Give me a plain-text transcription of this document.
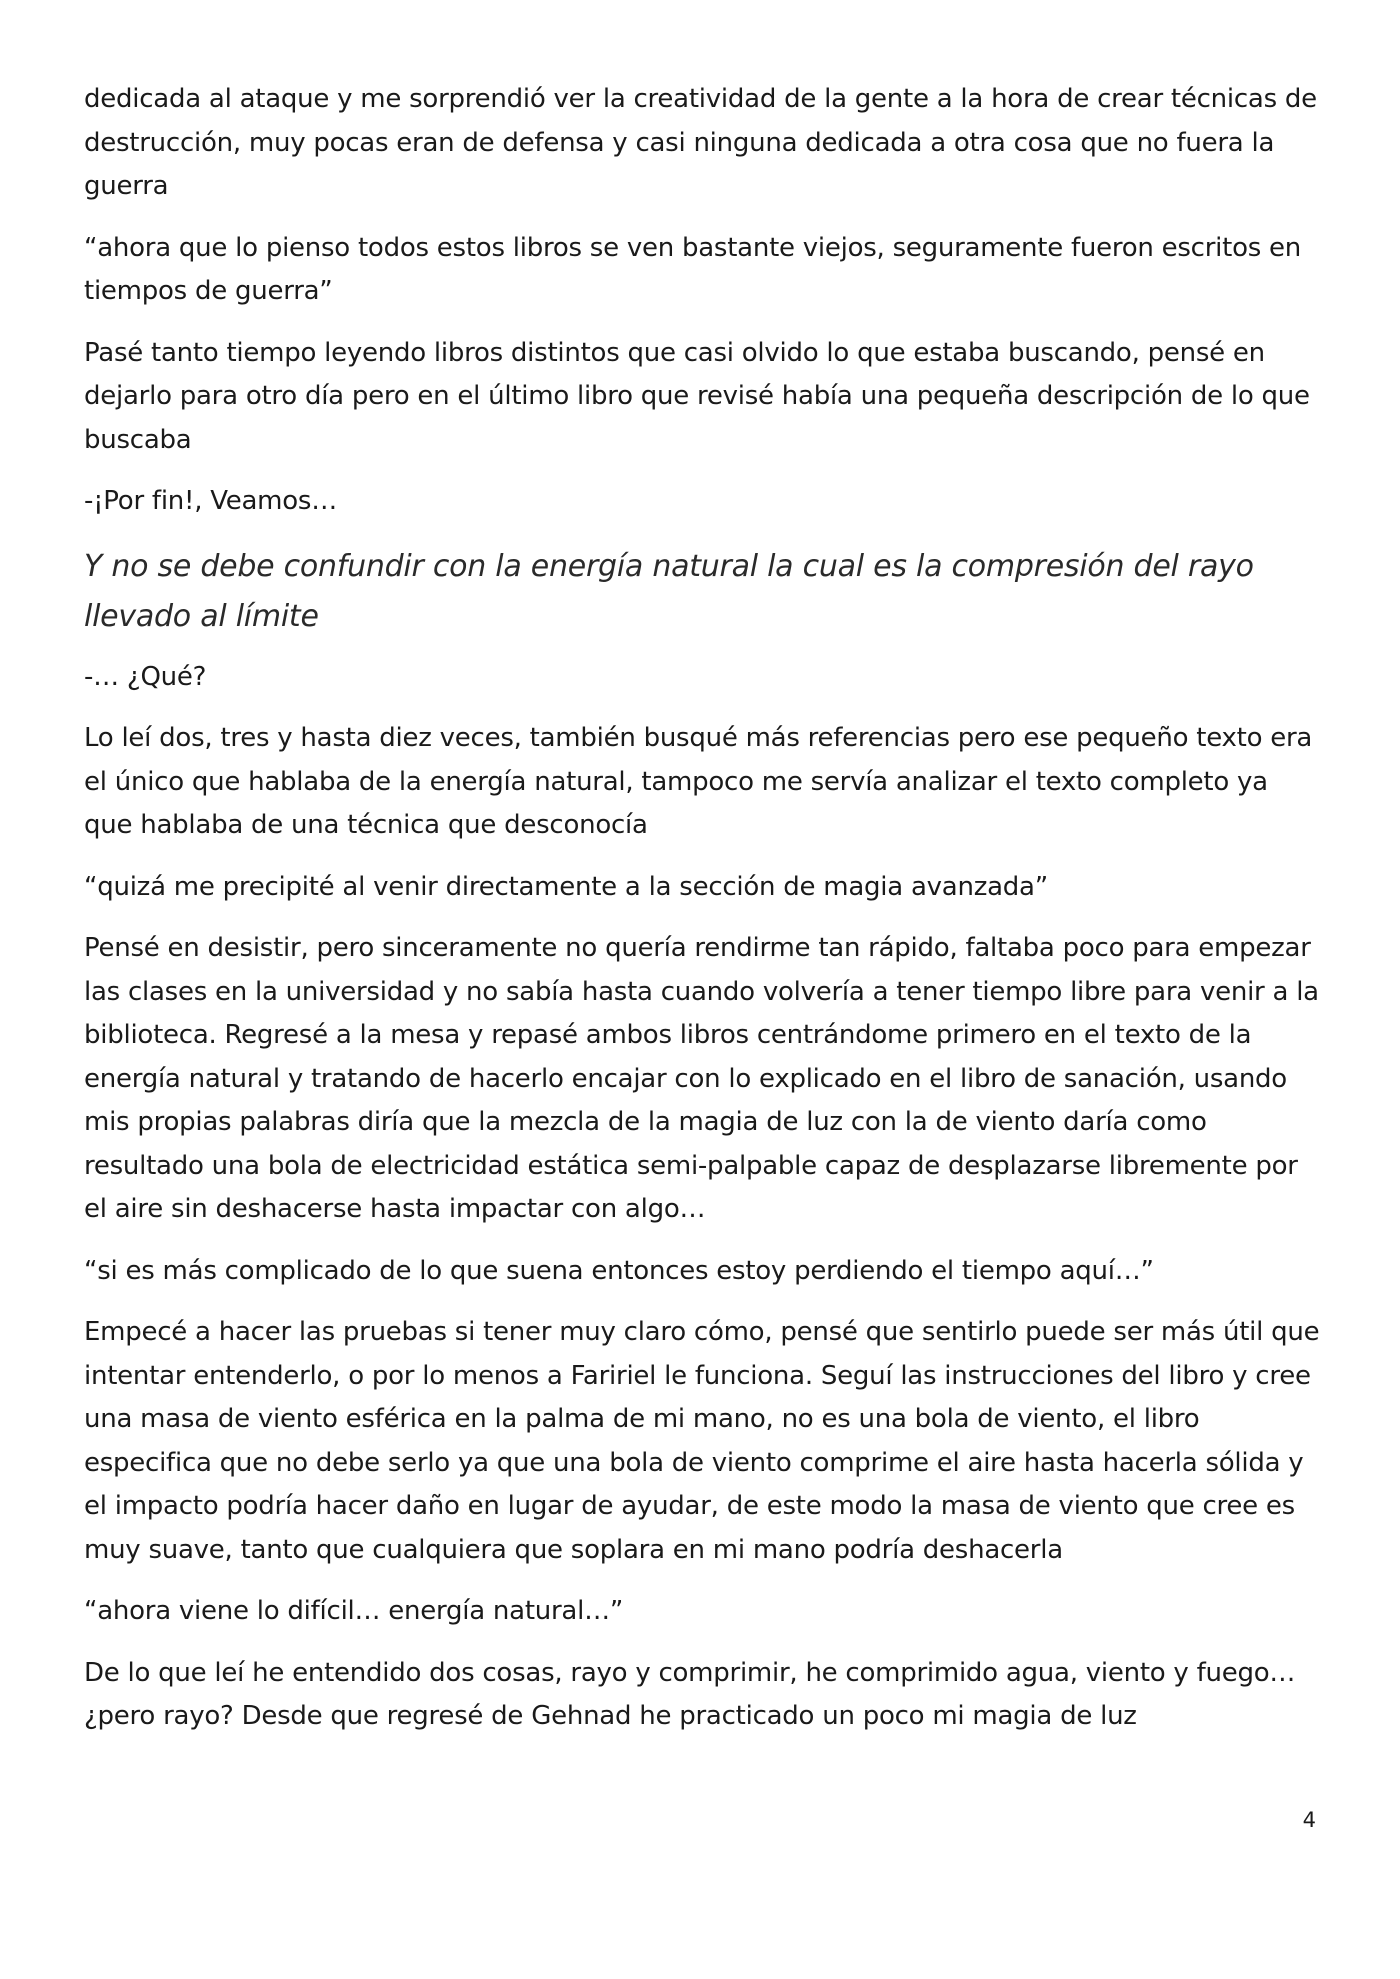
dedicada al ataque y me sorprendió ver la creatividad de la gente a la hora de crear técnicas de destrucción, muy pocas eran de defensa y casi ninguna dedicada a otra cosa que no fuera la guerra

“ahora que lo pienso todos estos libros se ven bastante viejos, seguramente fueron escritos en tiempos de guerra”

Pasé tanto tiempo leyendo libros distintos que casi olvido lo que estaba buscando, pensé en dejarlo para otro día pero en el último libro que revisé había una pequeña descripción de lo que buscaba

-¡Por fin!, Veamos…

Y no se debe confundir con la energía natural la cual es la compresión del rayo llevado al límite

-… ¿Qué?

Lo leí dos, tres y hasta diez veces, también busqué más referencias pero ese pequeño texto era el único que hablaba de la energía natural, tampoco me servía analizar el texto completo ya que hablaba de una técnica que desconocía

“quizá me precipité al venir directamente a la sección de magia avanzada”

Pensé en desistir, pero sinceramente no quería rendirme tan rápido, faltaba poco para empezar las clases en la universidad y no sabía hasta cuando volvería a tener tiempo libre para venir a la biblioteca. Regresé a la mesa y repasé ambos libros centrándome primero en el texto de la energía natural y tratando de hacerlo encajar con lo explicado en el libro de sanación, usando mis propias palabras diría que la mezcla de la magia de luz con la de viento daría como resultado una bola de electricidad estática semi-palpable capaz de desplazarse libremente por el aire sin deshacerse hasta impactar con algo…

“si es más complicado de lo que suena entonces estoy perdiendo el tiempo aquí…”

Empecé a hacer las pruebas si tener muy claro cómo, pensé que sentirlo puede ser más útil que intentar entenderlo, o por lo menos a Faririel le funciona. Seguí las instrucciones del libro y cree una masa de viento esférica en la palma de mi mano, no es una bola de viento, el libro especifica que no debe serlo ya que una bola de viento comprime el aire hasta hacerla sólida y el impacto podría hacer daño en lugar de ayudar, de este modo la masa de viento que cree es muy suave, tanto que cualquiera que soplara en mi mano podría deshacerla

“ahora viene lo difícil… energía natural…”

De lo que leí he entendido dos cosas, rayo y comprimir, he comprimido agua, viento y fuego… ¿pero rayo? Desde que regresé de Gehnad he practicado un poco mi magia de luz

4
